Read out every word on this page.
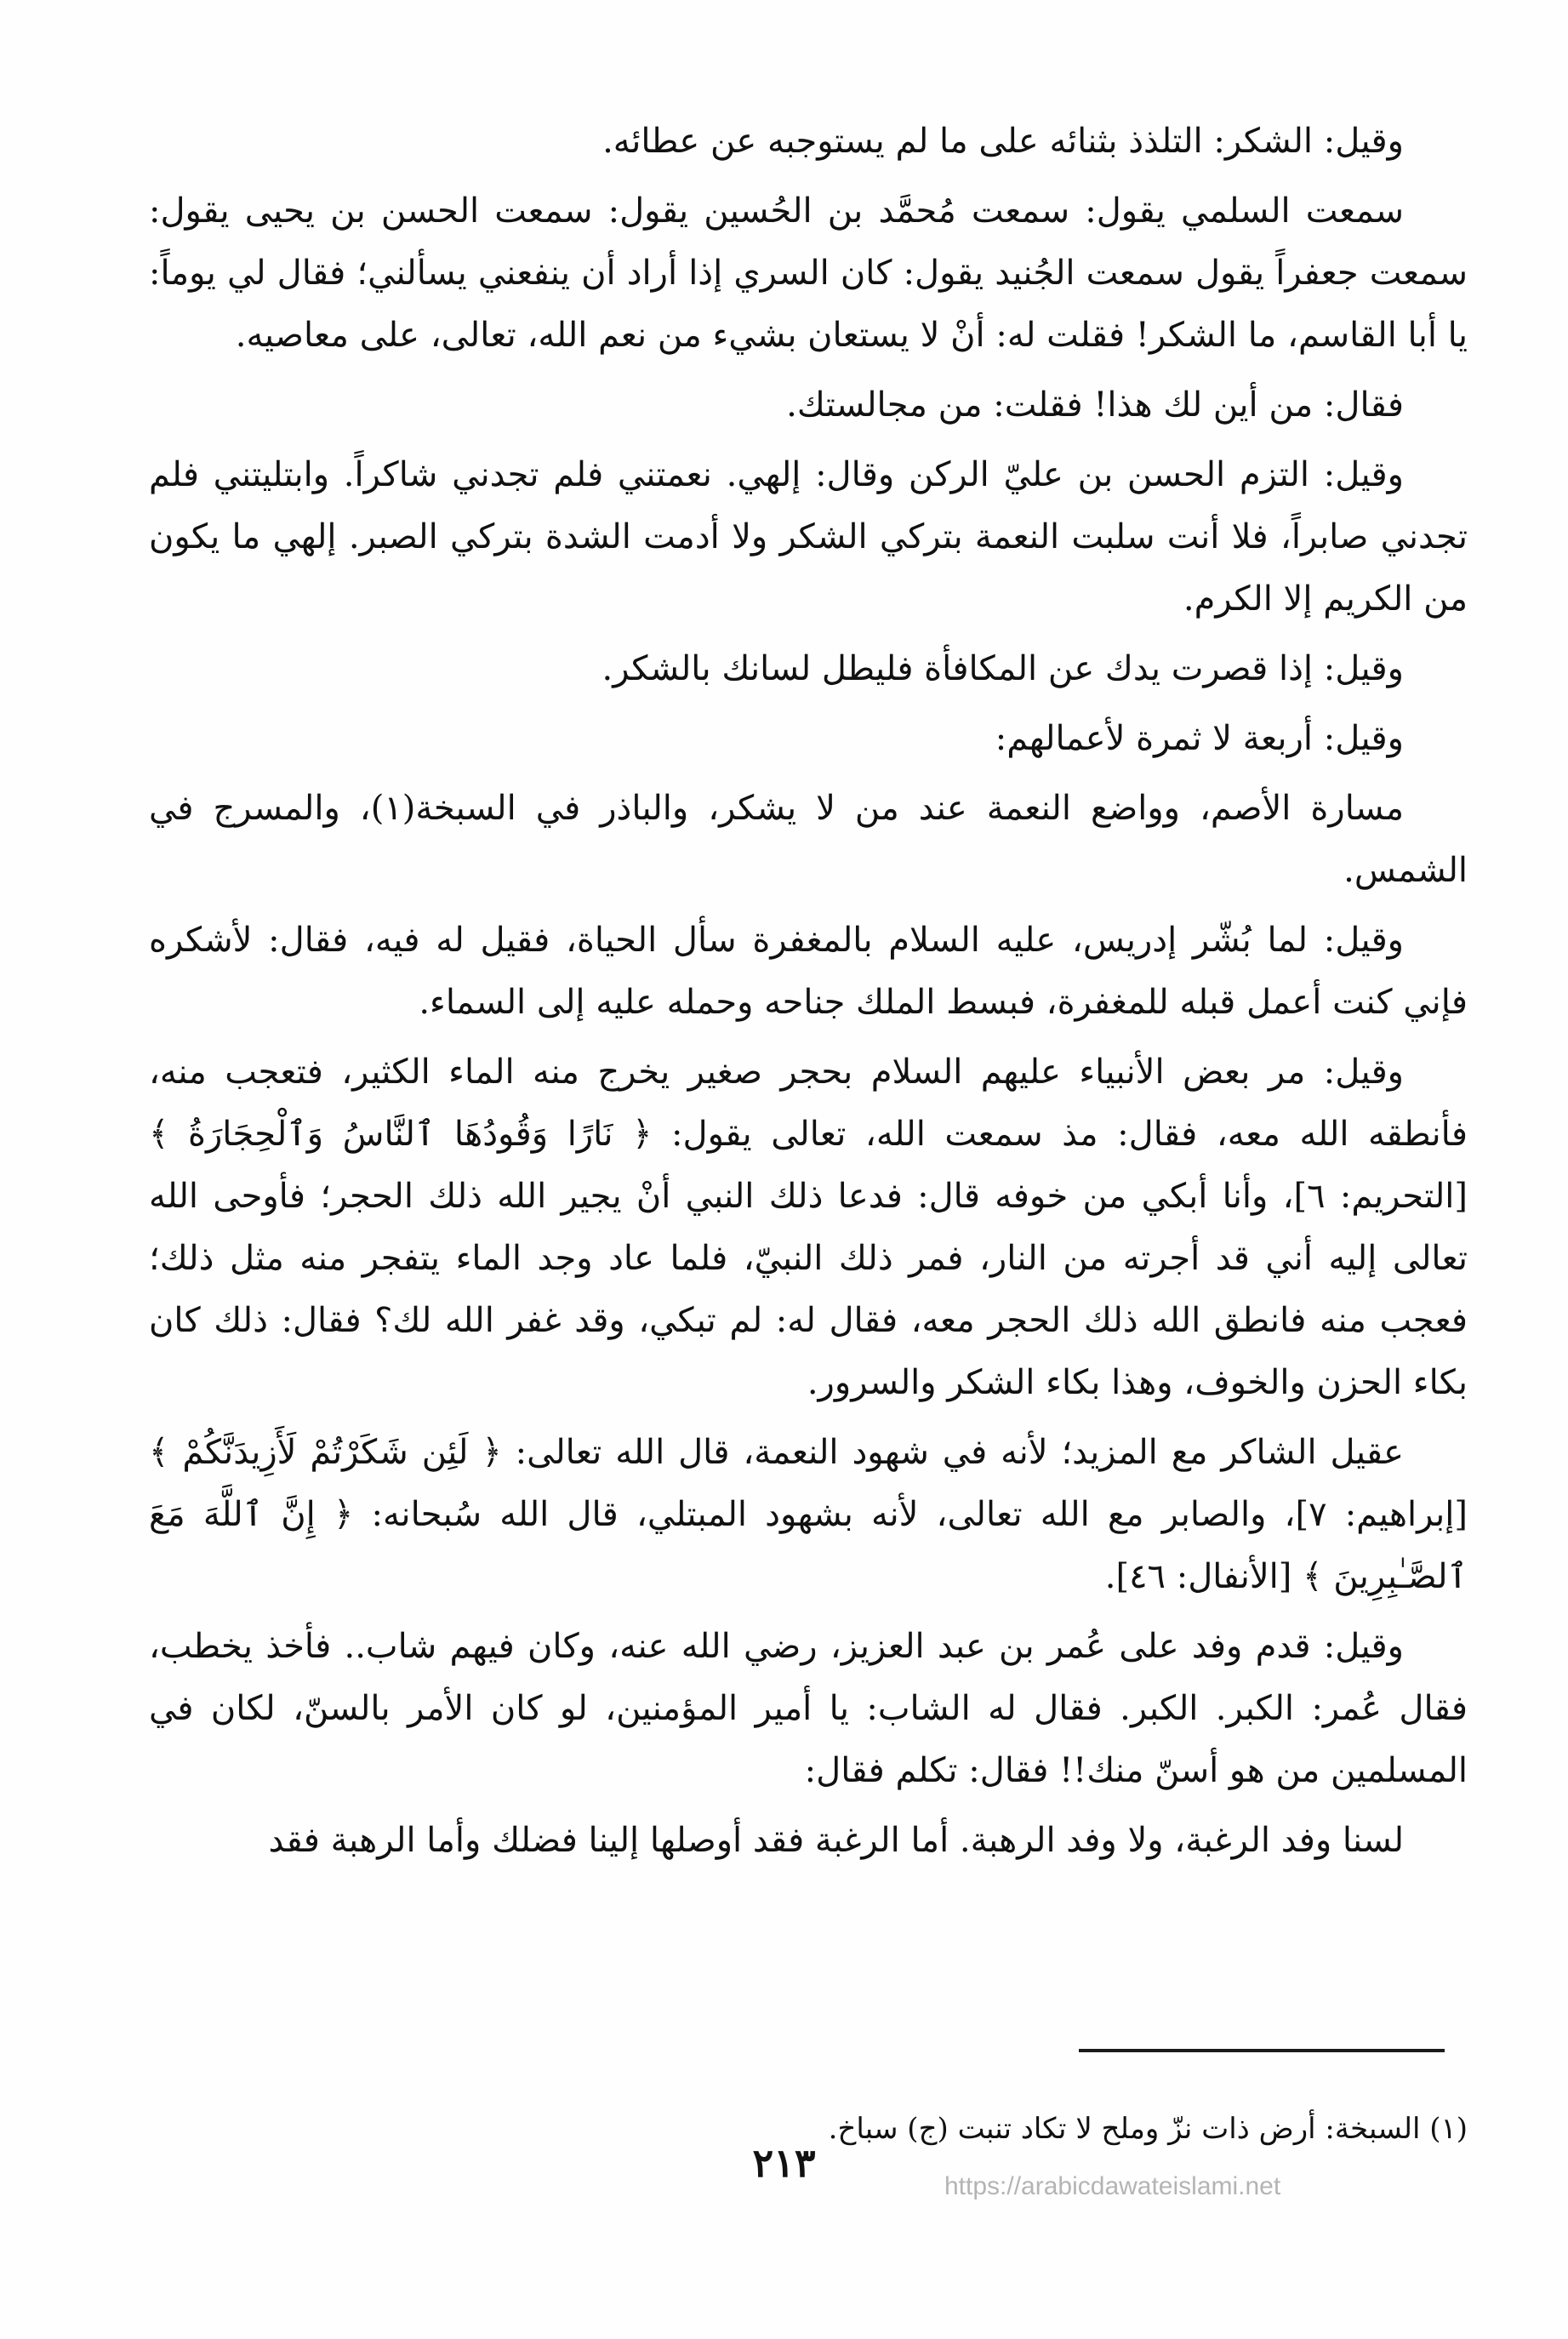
وقيل: الشكر: التلذذ بثنائه على ما لم يستوجبه عن عطائه.

سمعت السلمي يقول: سمعت مُحمَّد بن الحُسين يقول: سمعت الحسن بن يحيى يقول: سمعت جعفراً يقول سمعت الجُنيد يقول: كان السري إذا أراد أن ينفعني يسألني؛ فقال لي يوماً: يا أبا القاسم، ما الشكر! فقلت له: أنْ لا يستعان بشيء من نعم الله، تعالى، على معاصيه.

فقال: من أين لك هذا! فقلت: من مجالستك.

وقيل: التزم الحسن بن عليّ الركن وقال: إلهي. نعمتني فلم تجدني شاكراً. وابتليتني فلم تجدني صابراً، فلا أنت سلبت النعمة بتركي الشكر ولا أدمت الشدة بتركي الصبر. إلهي ما يكون من الكريم إلا الكرم.

وقيل: إذا قصرت يدك عن المكافأة فليطل لسانك بالشكر.

وقيل: أربعة لا ثمرة لأعمالهم:

مسارة الأصم، وواضع النعمة عند من لا يشكر، والباذر في السبخة(١)، والمسرج في الشمس.

وقيل: لما بُشّر إدريس، عليه السلام بالمغفرة سأل الحياة، فقيل له فيه، فقال: لأشكره فإني كنت أعمل قبله للمغفرة، فبسط الملك جناحه وحمله عليه إلى السماء.

وقيل: مر بعض الأنبياء عليهم السلام بحجر صغير يخرج منه الماء الكثير، فتعجب منه، فأنطقه الله معه، فقال: مذ سمعت الله، تعالى يقول: ﴿ نَارًا وَقُودُهَا ٱلنَّاسُ وَٱلْحِجَارَةُ ﴾ [التحريم: ٦]، وأنا أبكي من خوفه قال: فدعا ذلك النبي أنْ يجير الله ذلك الحجر؛ فأوحى الله تعالى إليه أني قد أجرته من النار، فمر ذلك النبيّ، فلما عاد وجد الماء يتفجر منه مثل ذلك؛ فعجب منه فانطق الله ذلك الحجر معه، فقال له: لم تبكي، وقد غفر الله لك؟ فقال: ذلك كان بكاء الحزن والخوف، وهذا بكاء الشكر والسرور.

عقيل الشاكر مع المزيد؛ لأنه في شهود النعمة، قال الله تعالى: ﴿ لَئِن شَكَرْتُمْ لَأَزِيدَنَّكُمْ ﴾ [إبراهيم: ٧]، والصابر مع الله تعالى، لأنه بشهود المبتلي، قال الله سُبحانه: ﴿ إِنَّ ٱللَّهَ مَعَ ٱلصَّـٰبِرِينَ ﴾ [الأنفال: ٤٦].

وقيل: قدم وفد على عُمر بن عبد العزيز، رضي الله عنه، وكان فيهم شاب.. فأخذ يخطب، فقال عُمر: الكبر. الكبر. فقال له الشاب: يا أمير المؤمنين، لو كان الأمر بالسنّ، لكان في المسلمين من هو أسنّ منك!! فقال: تكلم فقال:

لسنا وفد الرغبة، ولا وفد الرهبة. أما الرغبة فقد أوصلها إلينا فضلك وأما الرهبة فقد

(١) السبخة: أرض ذات نزّ وملح لا تكاد تنبت (ج) سباخ.

٢١٣
https://arabicdawateislami.net
